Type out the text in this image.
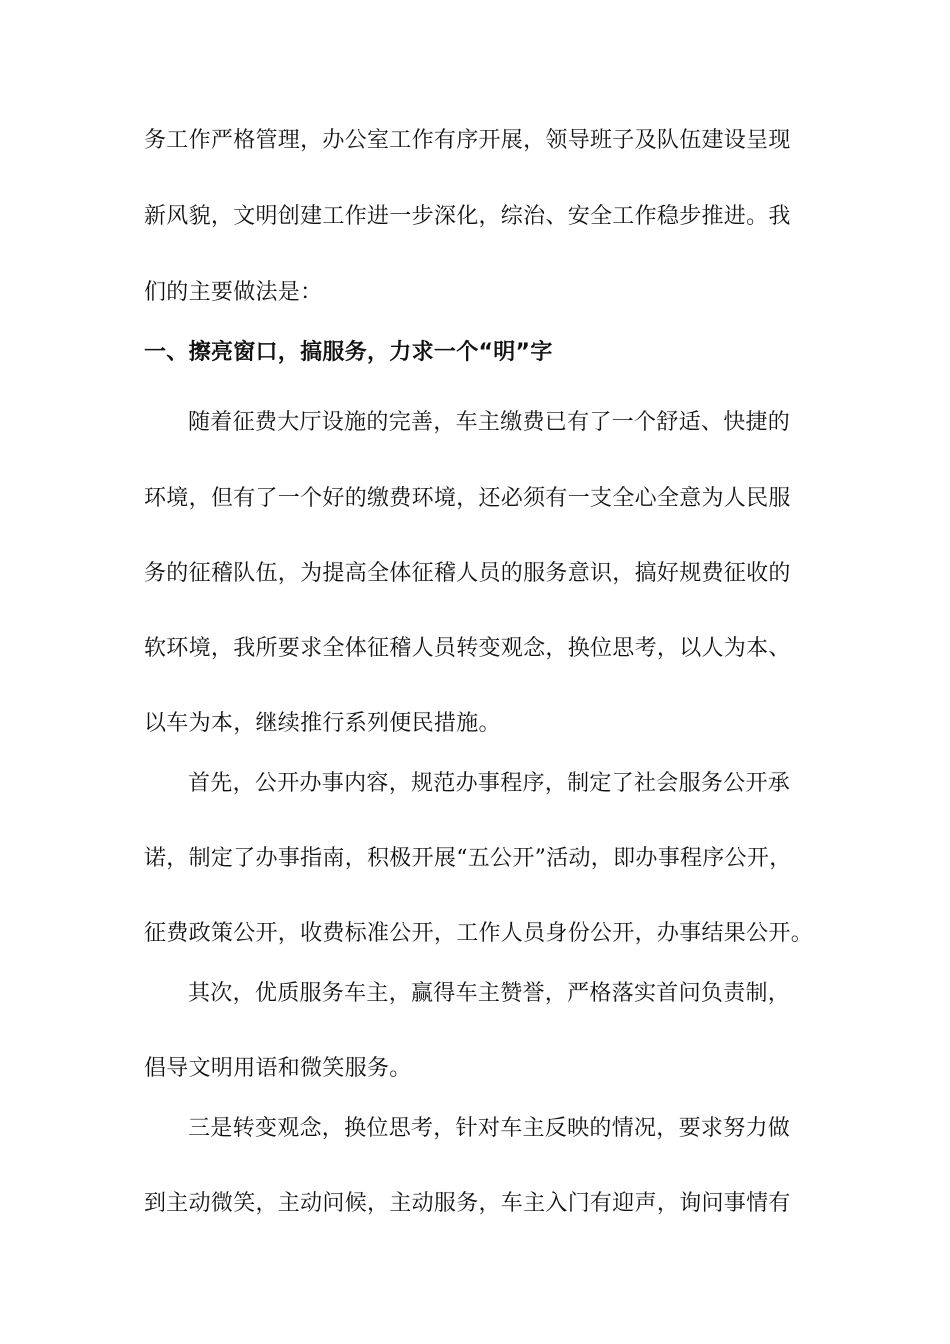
务工作严格管理，办公室工作有序开展，领导班子及队伍建设呈现
新风貌，文明创建工作进一步深化，综治、安全工作稳步推进。我
们的主要做法是：
一、擦亮窗口，搞服务，力求一个“明”字
随着征费大厅设施的完善，车主缴费已有了一个舒适、快捷的
环境，但有了一个好的缴费环境，还必须有一支全心全意为人民服
务的征稽队伍，为提高全体征稽人员的服务意识，搞好规费征收的
软环境，我所要求全体征稽人员转变观念，换位思考，以人为本、
以车为本，继续推行系列便民措施。
首先，公开办事内容，规范办事程序，制定了社会服务公开承
诺，制定了办事指南，积极开展“五公开”活动，即办事程序公开，
征费政策公开，收费标准公开，工作人员身份公开，办事结果公开。
其次，优质服务车主，赢得车主赞誉，严格落实首问负责制，
倡导文明用语和微笑服务。
三是转变观念，换位思考，针对车主反映的情况，要求努力做
到主动微笑，主动问候，主动服务，车主入门有迎声，询问事情有
